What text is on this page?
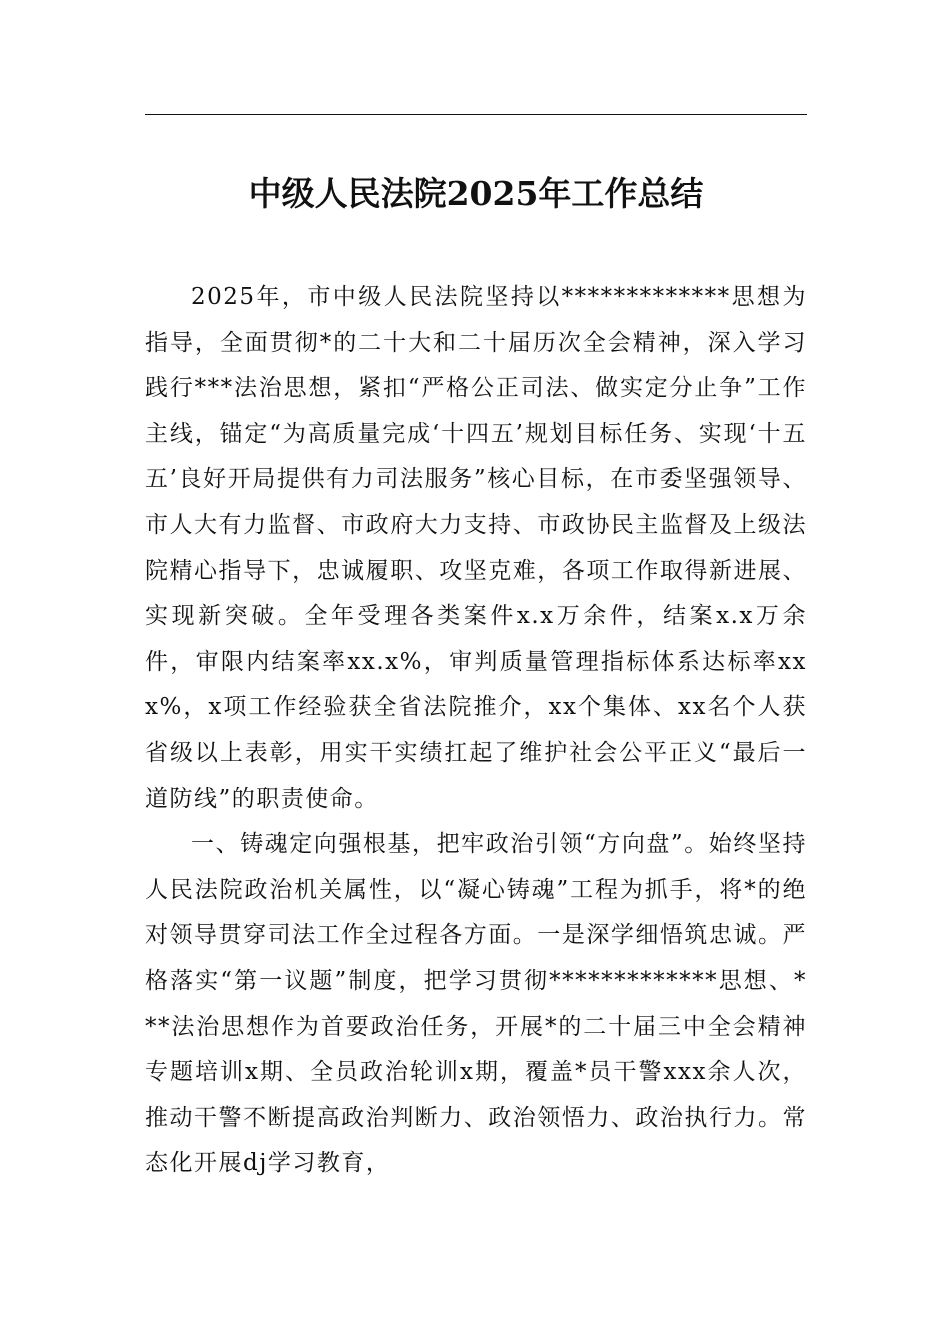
中级人民法院2025年工作总结

2025年，市中级人民法院坚持以*************思想为指导，全面贯彻*的二十大和二十届历次全会精神，深入学习践行***法治思想，紧扣“严格公正司法、做实定分止争”工作主线，锚定“为高质量完成‘十四五’规划目标任务、实现‘十五五’良好开局提供有力司法服务”核心目标，在市委坚强领导、市人大有力监督、市政府大力支持、市政协民主监督及上级法院精心指导下，忠诚履职、攻坚克难，各项工作取得新进展、实现新突破。全年受理各类案件x.x万余件，结案x.x万余件，审限内结案率xx.x%，审判质量管理指标体系达标率xxx%，x项工作经验获全省法院推介，xx个集体、xx名个人获省级以上表彰，用实干实绩扛起了维护社会公平正义“最后一道防线”的职责使命。

一、铸魂定向强根基，把牢政治引领“方向盘”。始终坚持人民法院政治机关属性，以“凝心铸魂”工程为抓手，将*的绝对领导贯穿司法工作全过程各方面。一是深学细悟筑忠诚。严格落实“第一议题”制度，把学习贯彻*************思想、***法治思想作为首要政治任务，开展*的二十届三中全会精神专题培训x期、全员政治轮训x期，覆盖*员干警xxx余人次，推动干警不断提高政治判断力、政治领悟力、政治执行力。常态化开展dj学习教育，
